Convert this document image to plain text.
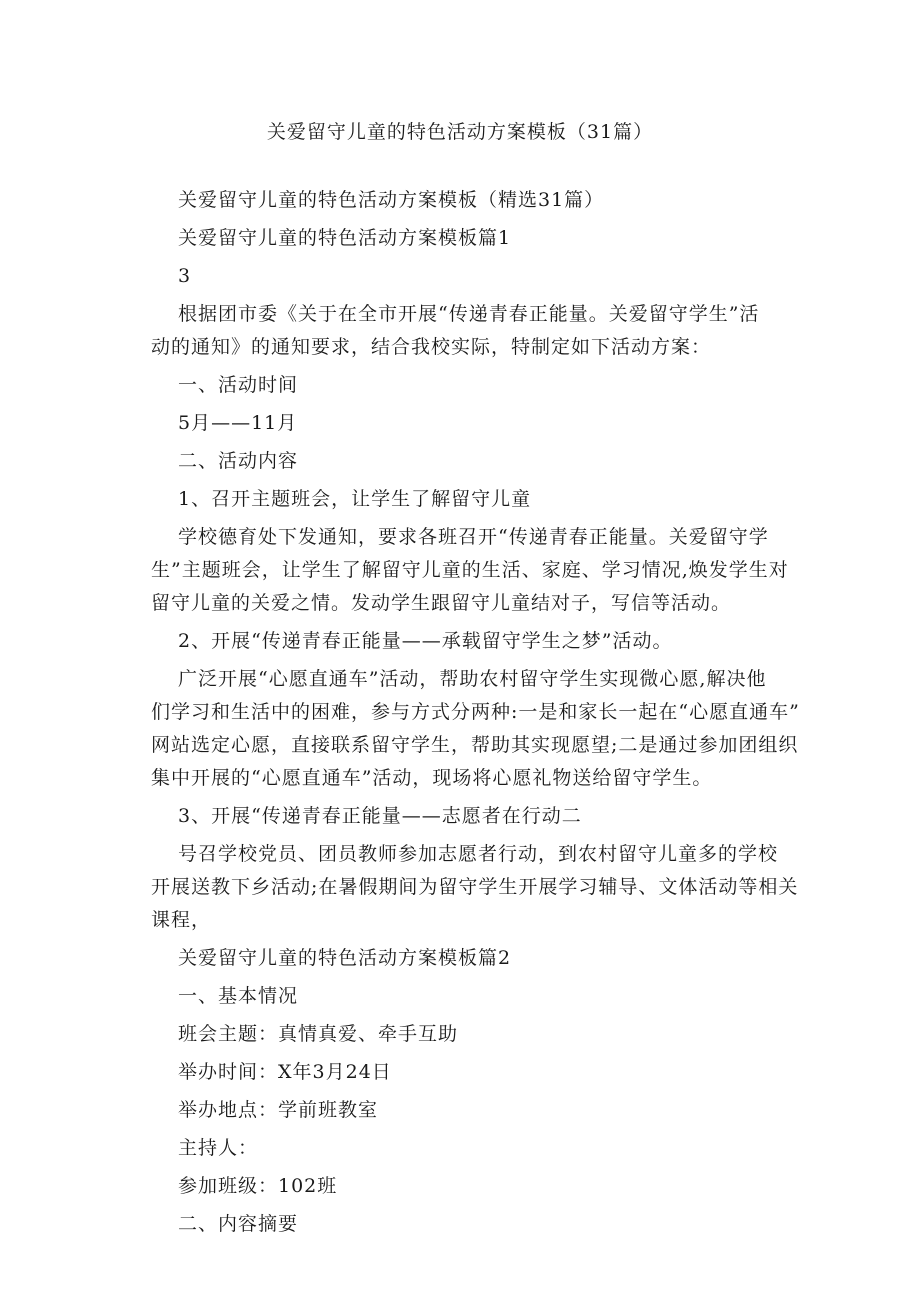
关爱留守儿童的特色活动方案模板（31篇）
关爱留守儿童的特色活动方案模板（精选31篇）
关爱留守儿童的特色活动方案模板篇1
3
根据团市委《关于在全市开展“传递青春正能量。关爱留守学生”活
动的通知》的通知要求，结合我校实际，特制定如下活动方案：
一、活动时间
5月——11月
二、活动内容
1、召开主题班会，让学生了解留守儿童
学校德育处下发通知，要求各班召开“传递青春正能量。关爱留守学
生”主题班会，让学生了解留守儿童的生活、家庭、学习情况,焕发学生对
留守儿童的关爱之情。发动学生跟留守儿童结对子，写信等活动。
2、开展“传递青春正能量——承载留守学生之梦”活动。
广泛开展“心愿直通车”活动，帮助农村留守学生实现微心愿,解决他
们学习和生活中的困难，参与方式分两种:一是和家长一起在“心愿直通车”
网站选定心愿，直接联系留守学生，帮助其实现愿望;二是通过参加团组织
集中开展的“心愿直通车”活动，现场将心愿礼物送给留守学生。
3、开展“传递青春正能量——志愿者在行动二
号召学校党员、团员教师参加志愿者行动，到农村留守儿童多的学校
开展送教下乡活动;在暑假期间为留守学生开展学习辅导、文体活动等相关
课程，
关爱留守儿童的特色活动方案模板篇2
一、基本情况
班会主题：真情真爱、牵手互助
举办时间：X年3月24日
举办地点：学前班教室
主持人：
参加班级：102班
二、内容摘要
